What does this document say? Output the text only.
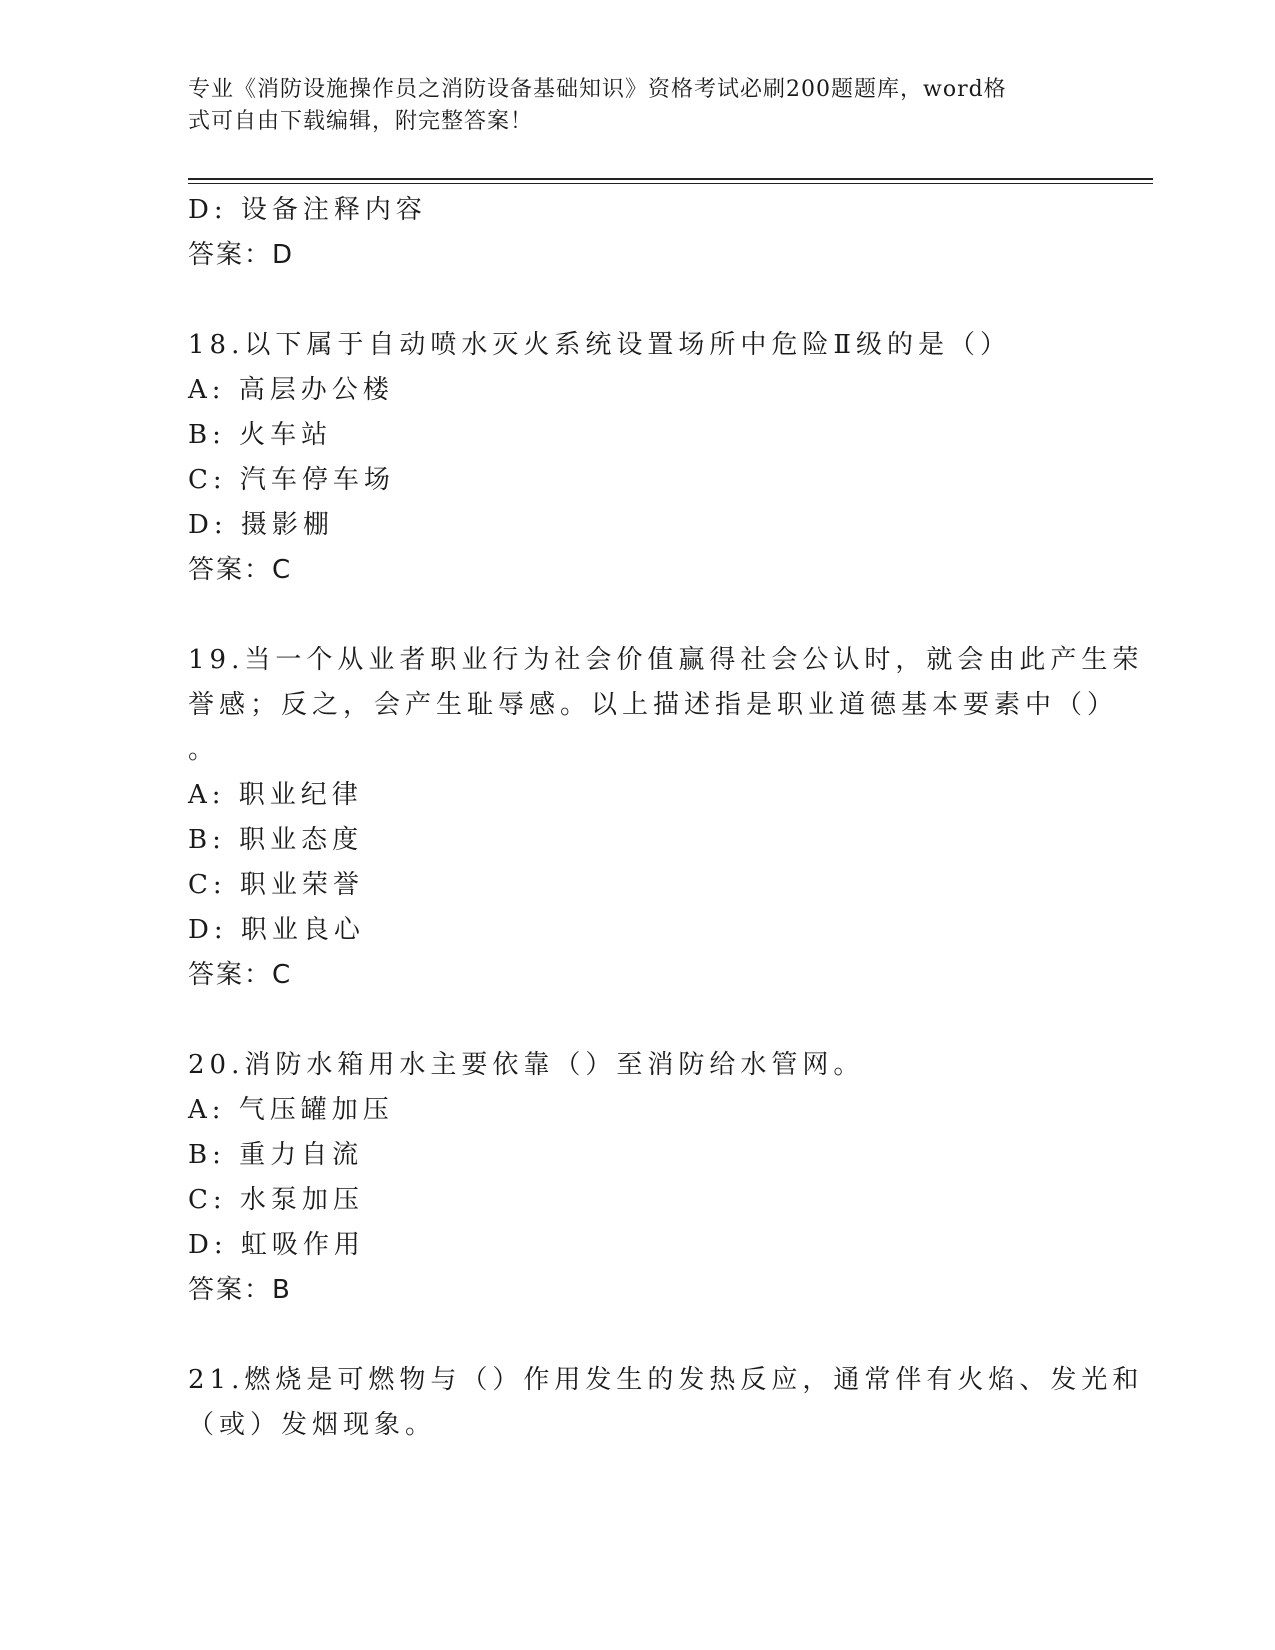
专业《消防设施操作员之消防设备基础知识》资格考试必刷200题题库，word格
式可自由下载编辑，附完整答案！
D: 设备注释内容
答案：D
18.以下属于自动喷水灭火系统设置场所中危险Ⅱ级的是（）
A: 高层办公楼
B: 火车站
C: 汽车停车场
D: 摄影棚
答案：C
19.当一个从业者职业行为社会价值赢得社会公认时，就会由此产生荣
誉感；反之，会产生耻辱感。以上描述指是职业道德基本要素中（）
。
A: 职业纪律
B: 职业态度
C: 职业荣誉
D: 职业良心
答案：C
20.消防水箱用水主要依靠（）至消防给水管网。
A: 气压罐加压
B: 重力自流
C: 水泵加压
D: 虹吸作用
答案：B
21.燃烧是可燃物与（）作用发生的发热反应，通常伴有火焰、发光和
（或）发烟现象。
